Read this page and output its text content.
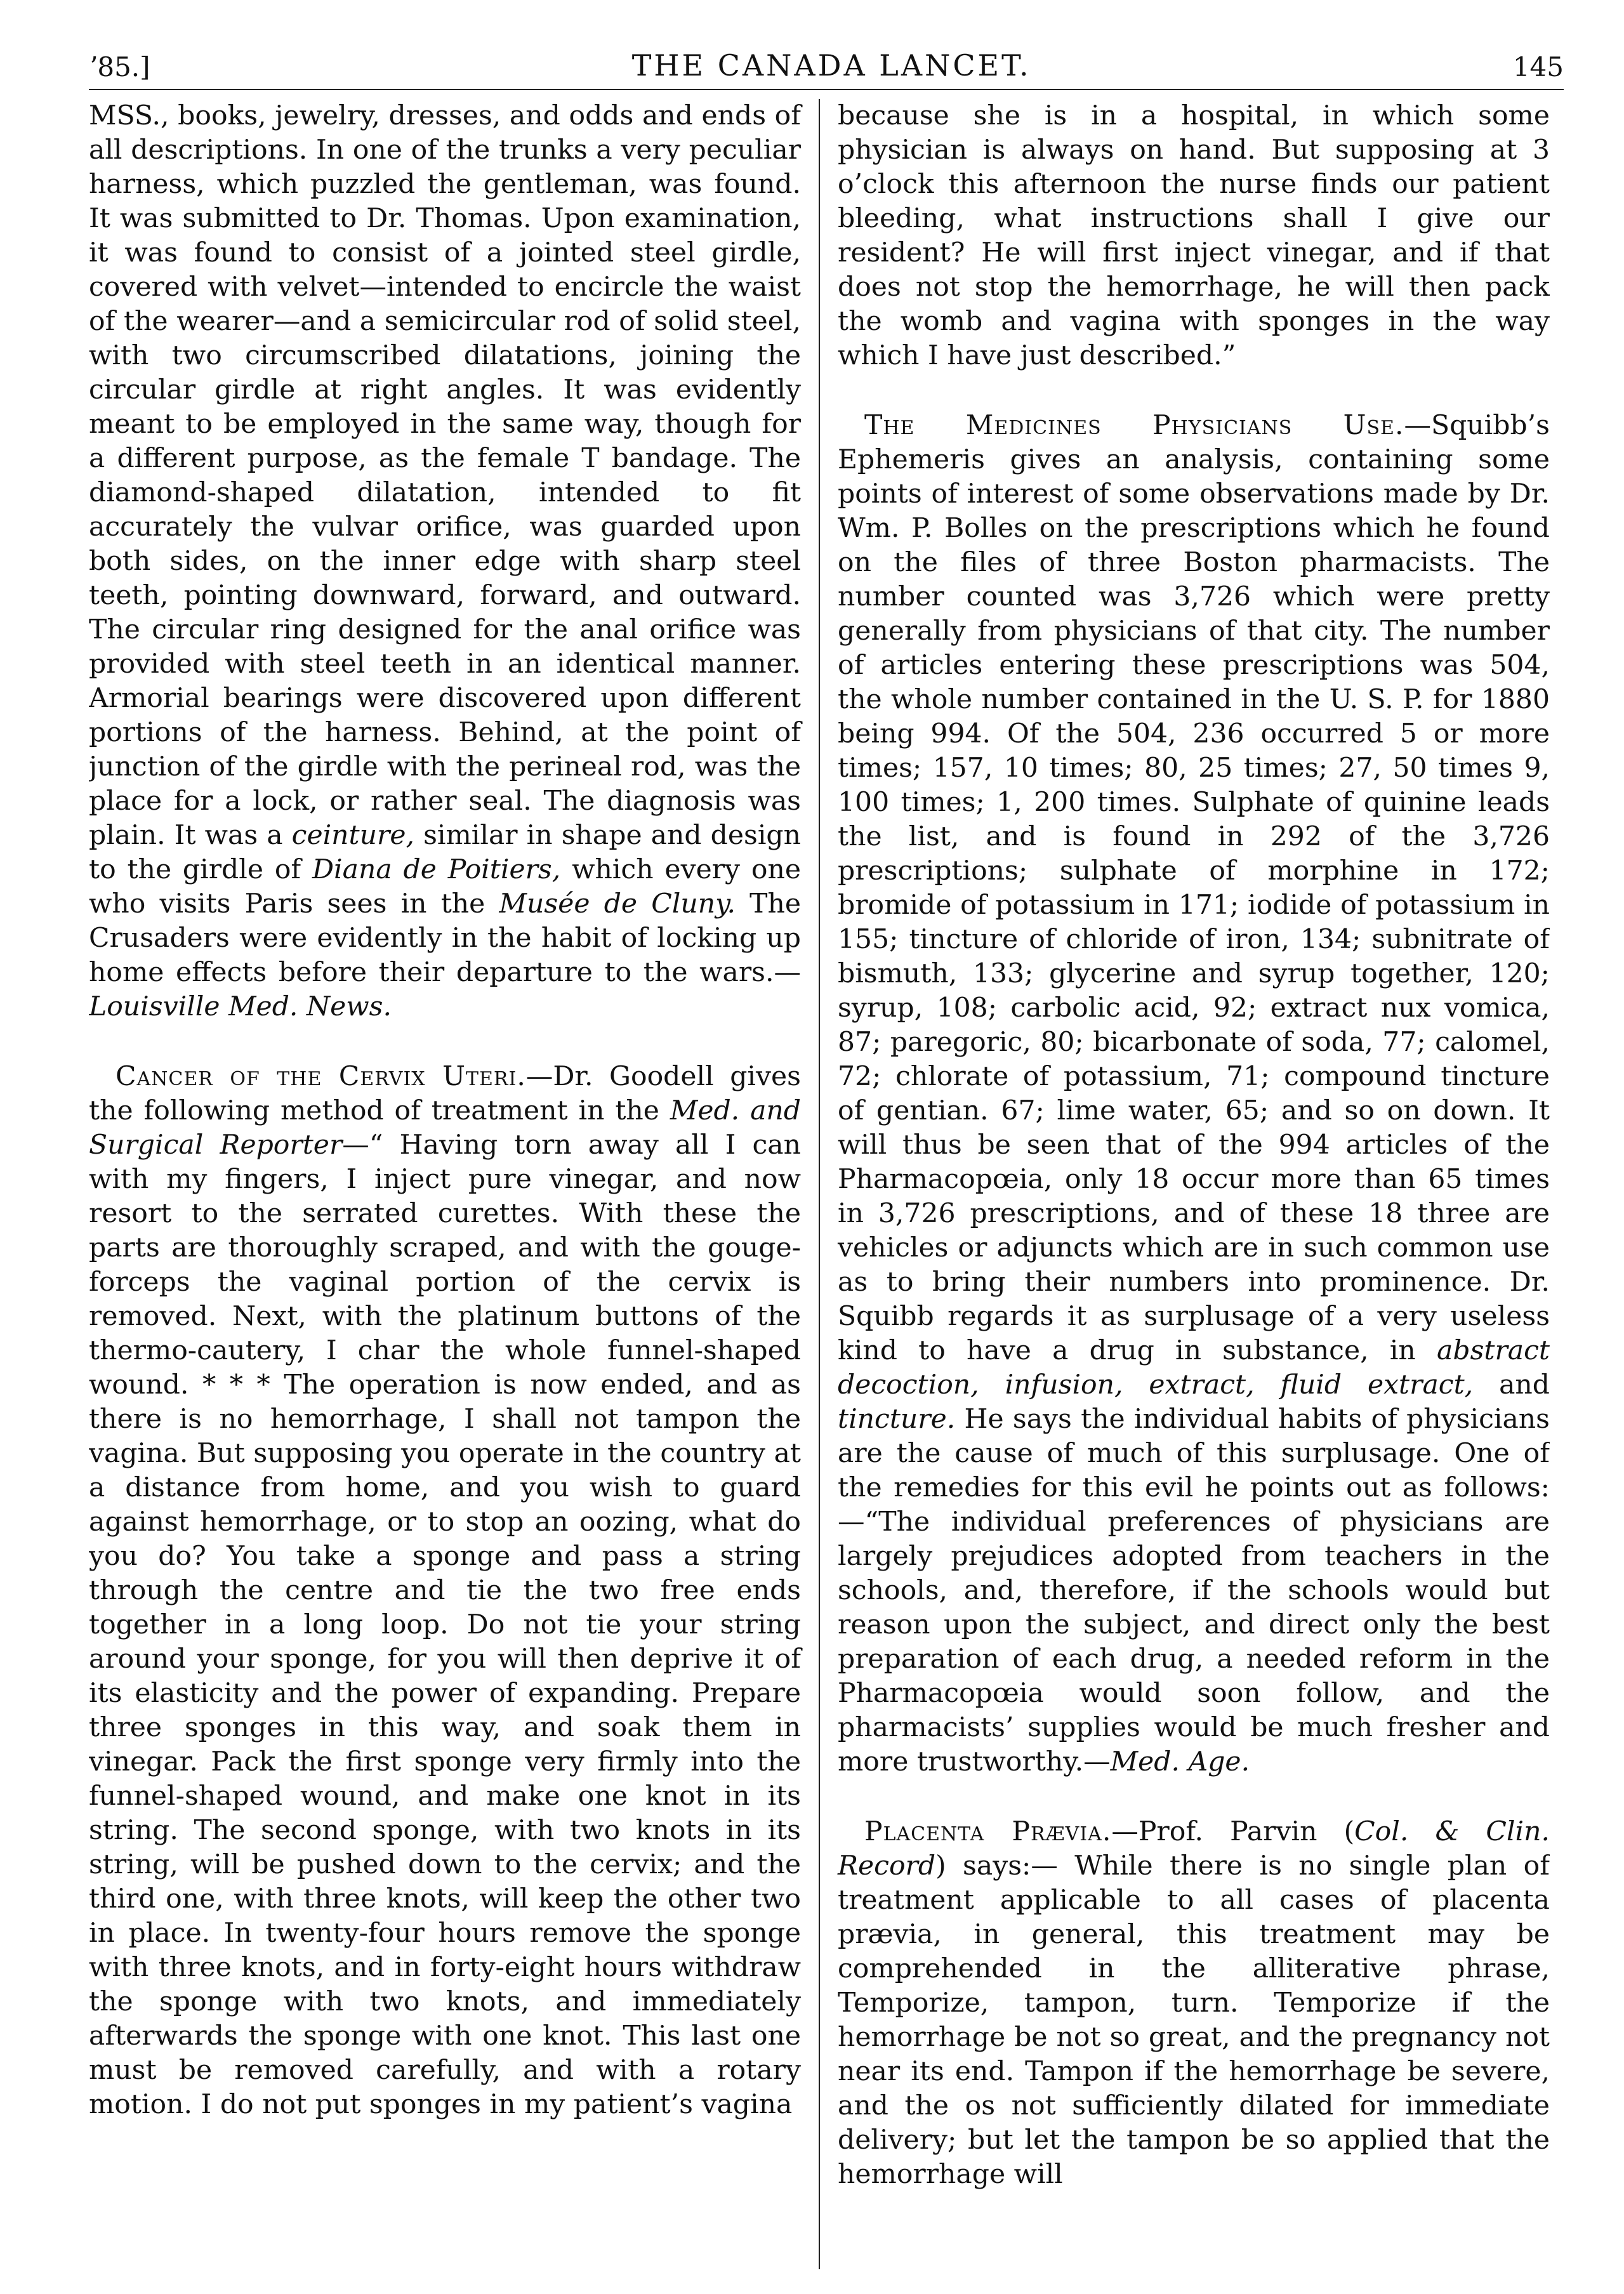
ʼ85.]	THE CANADA LANCET.	145

MSS., books, jewelry, dresses, and odds and ends of all descriptions. In one of the trunks a very peculiar harness, which puzzled the gentleman, was found. It was submitted to Dr. Thomas. Upon examination, it was found to consist of a jointed steel girdle, covered with velvet—intended to encircle the waist of the wearer—and a semicircular rod of solid steel, with two circumscribed dilatations, joining the circular girdle at right angles. It was evidently meant to be employed in the same way, though for a different purpose, as the female T bandage. The diamond-shaped dilatation, intended to fit accurately the vulvar orifice, was guarded upon both sides, on the inner edge with sharp steel teeth, pointing downward, forward, and outward. The circular ring designed for the anal orifice was provided with steel teeth in an identical manner. Armorial bearings were discovered upon different portions of the harness. Behind, at the point of junction of the girdle with the perineal rod, was the place for a lock, or rather seal. The diagnosis was plain. It was a ceinture, similar in shape and design to the girdle of Diana de Poitiers, which every one who visits Paris sees in the Musée de Cluny. The Crusaders were evidently in the habit of locking up home effects before their departure to the wars.—Louisville Med. News.

Cancer of the Cervix Uteri.—Dr. Goodell gives the following method of treatment in the Med. and Surgical Reporter—“ Having torn away all I can with my fingers, I inject pure vinegar, and now resort to the serrated curettes. With these the parts are thoroughly scraped, and with the gouge-forceps the vaginal portion of the cervix is removed. Next, with the platinum buttons of the thermo-cautery, I char the whole funnel-shaped wound. * * * The operation is now ended, and as there is no hemorrhage, I shall not tampon the vagina. But supposing you operate in the country at a distance from home, and you wish to guard against hemorrhage, or to stop an oozing, what do you do? You take a sponge and pass a string through the centre and tie the two free ends together in a long loop. Do not tie your string around your sponge, for you will then deprive it of its elasticity and the power of expanding. Prepare three sponges in this way, and soak them in vinegar. Pack the first sponge very firmly into the funnel-shaped wound, and make one knot in its string. The second sponge, with two knots in its string, will be pushed down to the cervix; and the third one, with three knots, will keep the other two in place. In twenty-four hours remove the sponge with three knots, and in forty-eight hours withdraw the sponge with two knots, and immediately afterwards the sponge with one knot. This last one must be removed carefully, and with a rotary motion. I do not put sponges in my patient’s vagina

because she is in a hospital, in which some physician is always on hand. But supposing at 3 o’clock this afternoon the nurse finds our patient bleeding, what instructions shall I give our resident? He will first inject vinegar, and if that does not stop the hemorrhage, he will then pack the womb and vagina with sponges in the way which I have just described.”

The Medicines Physicians Use.—Squibb’s Ephemeris gives an analysis, containing some points of interest of some observations made by Dr. Wm. P. Bolles on the prescriptions which he found on the files of three Boston pharmacists. The number counted was 3,726 which were pretty generally from physicians of that city. The number of articles entering these prescriptions was 504, the whole number contained in the U. S. P. for 1880 being 994. Of the 504, 236 occurred 5 or more times; 157, 10 times; 80, 25 times; 27, 50 times 9, 100 times; 1, 200 times. Sulphate of quinine leads the list, and is found in 292 of the 3,726 prescriptions; sulphate of morphine in 172; bromide of potassium in 171; iodide of potassium in 155; tincture of chloride of iron, 134; subnitrate of bismuth, 133; glycerine and syrup together, 120; syrup, 108; carbolic acid, 92; extract nux vomica, 87; paregoric, 80; bicarbonate of soda, 77; calomel, 72; chlorate of potassium, 71; compound tincture of gentian. 67; lime water, 65; and so on down. It will thus be seen that of the 994 articles of the Pharmacopœia, only 18 occur more than 65 times in 3,726 prescriptions, and of these 18 three are vehicles or adjuncts which are in such common use as to bring their numbers into prominence. Dr. Squibb regards it as surplusage of a very useless kind to have a drug in substance, in abstract decoction, infusion, extract, fluid extract, and tincture. He says the individual habits of physicians are the cause of much of this surplusage. One of the remedies for this evil he points out as follows:—“The individual preferences of physicians are largely prejudices adopted from teachers in the schools, and, therefore, if the schools would but reason upon the subject, and direct only the best preparation of each drug, a needed reform in the Pharmacopœia would soon follow, and the pharmacists’ supplies would be much fresher and more trustworthy.—Med. Age.

Placenta Prævia.—Prof. Parvin (Col. & Clin. Record) says:— While there is no single plan of treatment applicable to all cases of placenta prævia, in general, this treatment may be comprehended in the alliterative phrase, Temporize, tampon, turn. Temporize if the hemorrhage be not so great, and the pregnancy not near its end. Tampon if the hemorrhage be severe, and the os not sufficiently dilated for immediate delivery; but let the tampon be so applied that the hemorrhage will
